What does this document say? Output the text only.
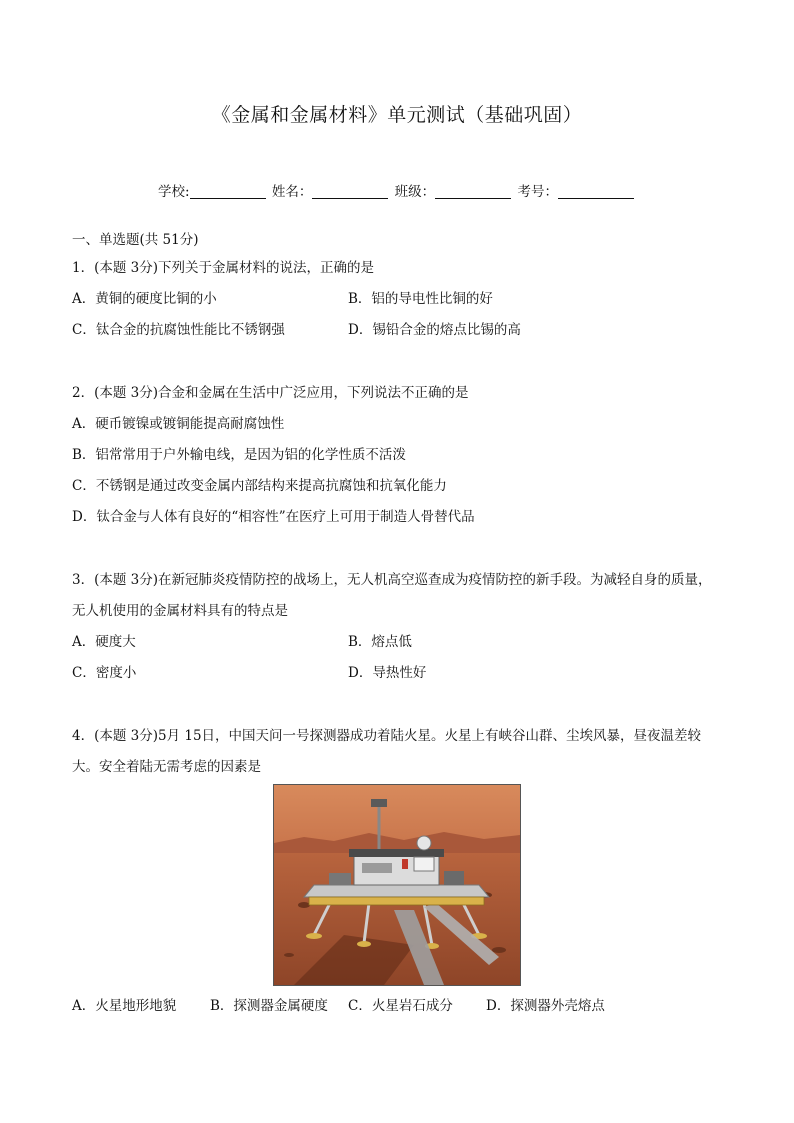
《金属和金属材料》单元测试（基础巩固）
学校:	姓名：	班级：	考号：
一、单选题(共 51分)
1．(本题 3分)下列关于金属材料的说法，正确的是
A．黄铜的硬度比铜的小	B．铝的导电性比铜的好
C．钛合金的抗腐蚀性能比不锈钢强	D．锡铅合金的熔点比锡的高
2．(本题 3分)合金和金属在生活中广泛应用，下列说法不正确的是
A．硬币镀镍或镀铜能提高耐腐蚀性
B．铝常常用于户外输电线，是因为铝的化学性质不活泼
C．不锈钢是通过改变金属内部结构来提高抗腐蚀和抗氧化能力
D．钛合金与人体有良好的“相容性”在医疗上可用于制造人骨替代品
3．(本题 3分)在新冠肺炎疫情防控的战场上，无人机高空巡查成为疫情防控的新手段。为减轻自身的质量，
无人机使用的金属材料具有的特点是
A．硬度大	B．熔点低
C．密度小	D．导热性好
4．(本题 3分)5月 15日，中国天问一号探测器成功着陆火星。火星上有峡谷山群、尘埃风暴，昼夜温差较
大。安全着陆无需考虑的因素是
A．火星地形地貌	B．探测器金属硬度 C．火星岩石成分 D．探测器外壳熔点
